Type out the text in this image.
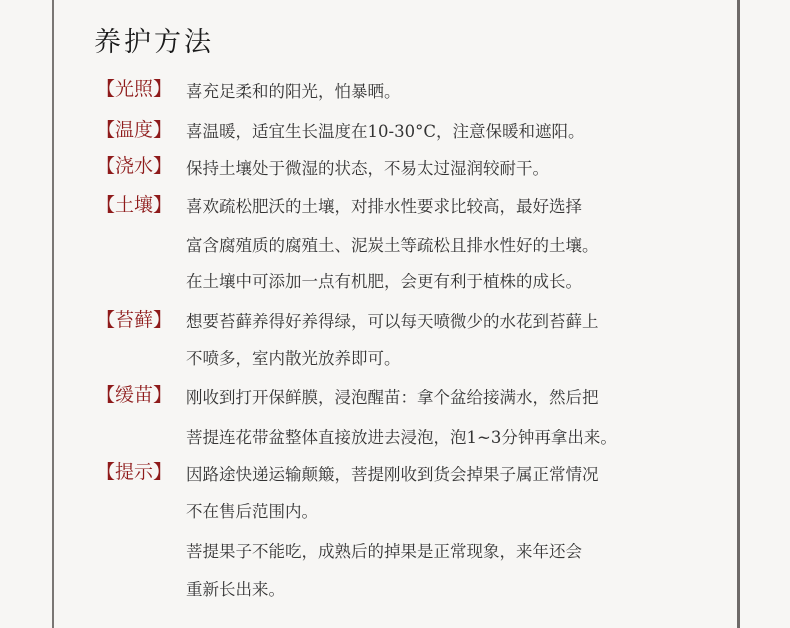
养护方法
【光照】 喜充足柔和的阳光，怕暴晒。
【温度】 喜温暖，适宜生长温度在10-30°C，注意保暖和遮阳。
【浇水】 保持土壤处于微湿的状态，不易太过湿润较耐干。
【土壤】 喜欢疏松肥沃的土壤，对排水性要求比较高，最好选择
富含腐殖质的腐殖土、泥炭土等疏松且排水性好的土壤。
在土壤中可添加一点有机肥，会更有利于植株的成长。
【苔藓】 想要苔藓养得好养得绿，可以每天喷微少的水花到苔藓上
不喷多，室内散光放养即可。
【缓苗】 刚收到打开保鲜膜，浸泡醒苗：拿个盆给接满水，然后把
菩提连花带盆整体直接放进去浸泡，泡1~3分钟再拿出来。
【提示】 因路途快递运输颠簸，菩提刚收到货会掉果子属正常情况
不在售后范围内。
菩提果子不能吃，成熟后的掉果是正常现象，来年还会
重新长出来。
